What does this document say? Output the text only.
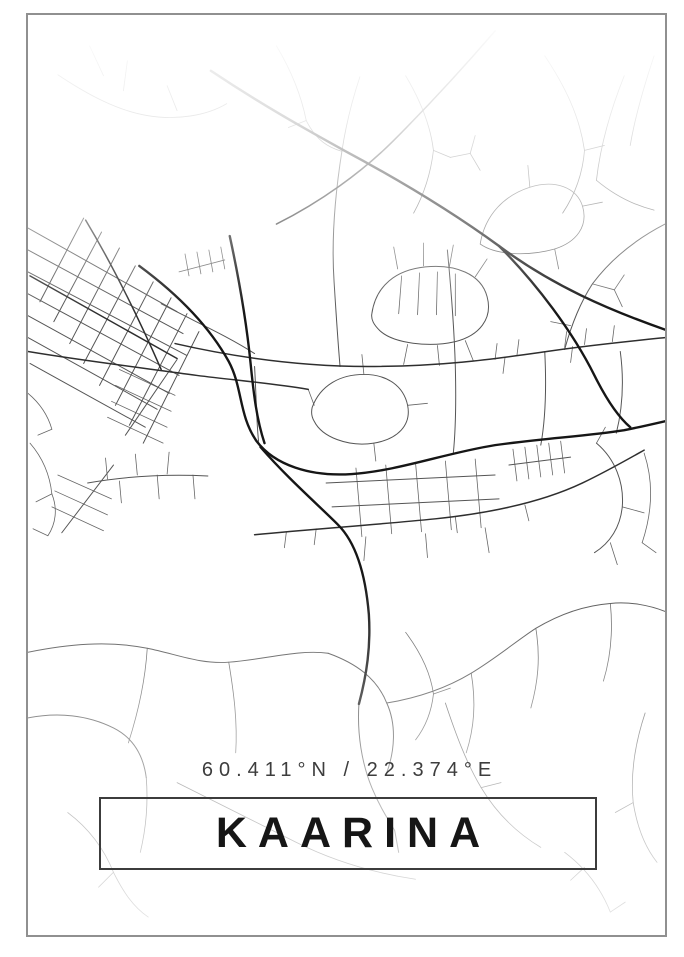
60.411°N / 22.374°E
KAARINA
